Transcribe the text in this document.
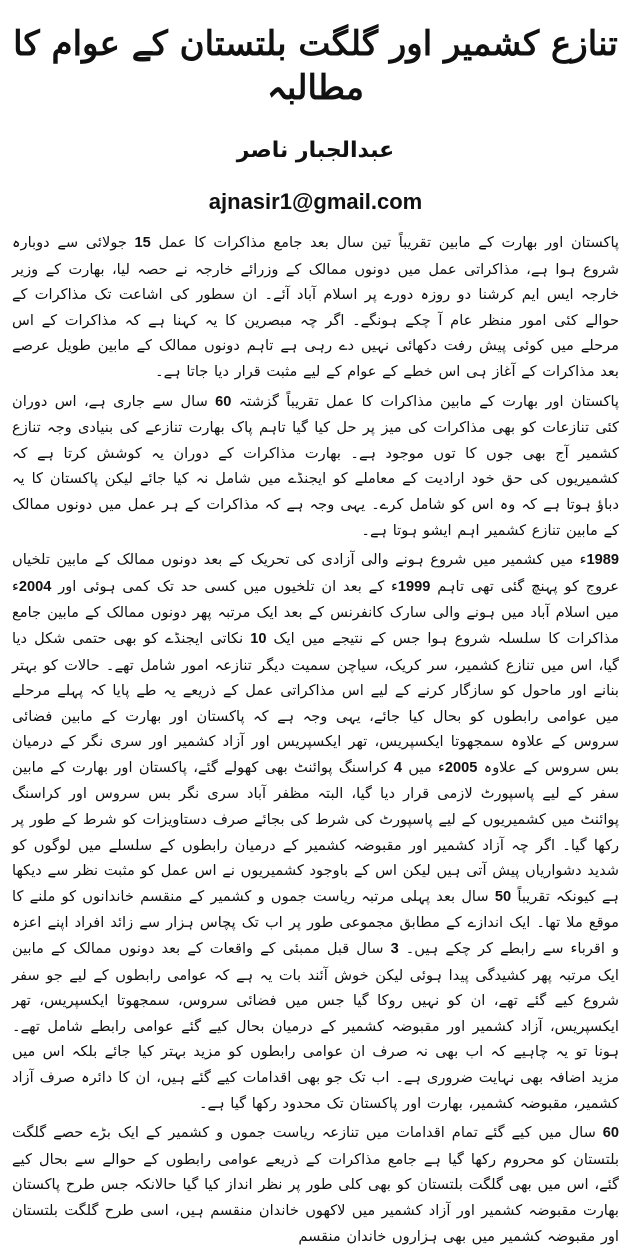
تنازع کشمیر اور گلگت بلتستان کے عوام کا مطالبہ
عبدالجبار ناصر
ajnasir1@gmail.com

پاکستان اور بھارت کے مابین تقریباً تین سال بعد جامع مذاکرات کا عمل 15 جولائی سے دوبارہ شروع ہوا ہے، مذاکراتی عمل میں دونوں ممالک کے وزرائے خارجہ نے حصہ لیا، بھارت کے وزیر خارجہ ایس ایم کرشنا دو روزہ دورے پر اسلام آباد آئے۔ ان سطور کی اشاعت تک مذاکرات کے حوالے کئی امور منظر عام آ چکے ہونگے۔ اگر چہ مبصرین کا یہ کہنا ہے کہ مذاکرات کے اس مرحلے میں کوئی پیش رفت دکھائی نہیں دے رہی ہے تاہم دونوں ممالک کے مابین طویل عرصے بعد مذاکرات کے آغاز ہی اس خطے کے عوام کے لیے مثبت قرار دیا جاتا ہے۔

پاکستان اور بھارت کے مابین مذاکرات کا عمل تقریباً گزشتہ 60 سال سے جاری ہے، اس دوران کئی تنازعات کو بھی مذاکرات کی میز پر حل کیا گیا تاہم پاک بھارت تنازعے کی بنیادی وجہ تنازع کشمیر آج بھی جوں کا توں موجود ہے۔ بھارت مذاکرات کے دوران یہ کوشش کرتا ہے کہ کشمیریوں کی حق خود ارادیت کے معاملے کو ایجنڈے میں شامل نہ کیا جائے لیکن پاکستان کا یہ دباؤ ہوتا ہے کہ وہ اس کو شامل کرے۔ یہی وجہ ہے کہ مذاکرات کے ہر عمل میں دونوں ممالک کے مابین تنازع کشمیر اہم ایشو ہوتا ہے۔

1989ء میں کشمیر میں شروع ہونے والی آزادی کی تحریک کے بعد دونوں ممالک کے مابین تلخیاں عروج کو پہنچ گئی تھی تاہم 1999ء کے بعد ان تلخیوں میں کسی حد تک کمی ہوئی اور 2004ء میں اسلام آباد میں ہونے والی سارک کانفرنس کے بعد ایک مرتبہ پھر دونوں ممالک کے مابین جامع مذاکرات کا سلسلہ شروع ہوا جس کے نتیجے میں ایک 10 نکاتی ایجنڈے کو بھی حتمی شکل دیا گیا، اس میں تنازع کشمیر، سر کریک، سیاچن سمیت دیگر تنازعہ امور شامل تھے۔ حالات کو بہتر بنانے اور ماحول کو سازگار کرنے کے لیے اس مذاکراتی عمل کے ذریعے یہ طے پایا کہ پہلے مرحلے میں عوامی رابطوں کو بحال کیا جائے، یہی وجہ ہے کہ پاکستان اور بھارت کے مابین فضائی سروس کے علاوہ سمجھوتا ایکسپریس، تھر ایکسپریس اور آزاد کشمیر اور سری نگر کے درمیان بس سروس کے علاوہ 2005ء میں 4 کراسنگ پوائنٹ بھی کھولے گئے، پاکستان اور بھارت کے مابین سفر کے لیے پاسپورٹ لازمی قرار دیا گیا، البتہ مظفر آباد سری نگر بس سروس اور کراسنگ پوائنٹ میں کشمیریوں کے لیے پاسپورٹ کی شرط کی بجائے صرف دستاویزات کو شرط کے طور پر رکھا گیا۔ اگر چہ آزاد کشمیر اور مقبوضہ کشمیر کے درمیان رابطوں کے سلسلے میں لوگوں کو شدید دشواریاں پیش آتی ہیں لیکن اس کے باوجود کشمیریوں نے اس عمل کو مثبت نظر سے دیکھا ہے کیونکہ تقریباً 50 سال بعد پہلی مرتبہ ریاست جموں و کشمیر کے منقسم خاندانوں کو ملنے کا موقع ملا تھا۔ ایک اندازے کے مطابق مجموعی طور پر اب تک پچاس ہزار سے زائد افراد اپنے اعزہ و اقرباء سے رابطے کر چکے ہیں۔ 3 سال قبل ممبئی کے واقعات کے بعد دونوں ممالک کے مابین ایک مرتبہ پھر کشیدگی پیدا ہوئی لیکن خوش آئند بات یہ ہے کہ عوامی رابطوں کے لیے جو سفر شروع کیے گئے تھے، ان کو نہیں روکا گیا جس میں فضائی سروس، سمجھوتا ایکسپریس، تھر ایکسپریس، آزاد کشمیر اور مقبوضہ کشمیر کے درمیان بحال کیے گئے عوامی رابطے شامل تھے۔ ہونا تو یہ چاہیے کہ اب بھی نہ صرف ان عوامی رابطوں کو مزید بہتر کیا جائے بلکہ اس میں مزید اضافہ بھی نہایت ضروری ہے۔ اب تک جو بھی اقدامات کیے گئے ہیں، ان کا دائرہ صرف آزاد کشمیر، مقبوضہ کشمیر، بھارت اور پاکستان تک محدود رکھا گیا ہے۔

60 سال میں کیے گئے تمام اقدامات میں تنازعہ ریاست جموں و کشمیر کے ایک بڑے حصے گلگت بلتستان کو محروم رکھا گیا ہے جامع مذاکرات کے ذریعے عوامی رابطوں کے حوالے سے بحال کیے گئے، اس میں بھی گلگت بلتستان کو بھی کلی طور پر نظر انداز کیا گیا حالانکہ جس طرح پاکستان بھارت مقبوضہ کشمیر اور آزاد کشمیر میں لاکھوں خاندان منقسم ہیں، اسی طرح گلگت بلتستان اور مقبوضہ کشمیر میں بھی ہزاروں خاندان منقسم
